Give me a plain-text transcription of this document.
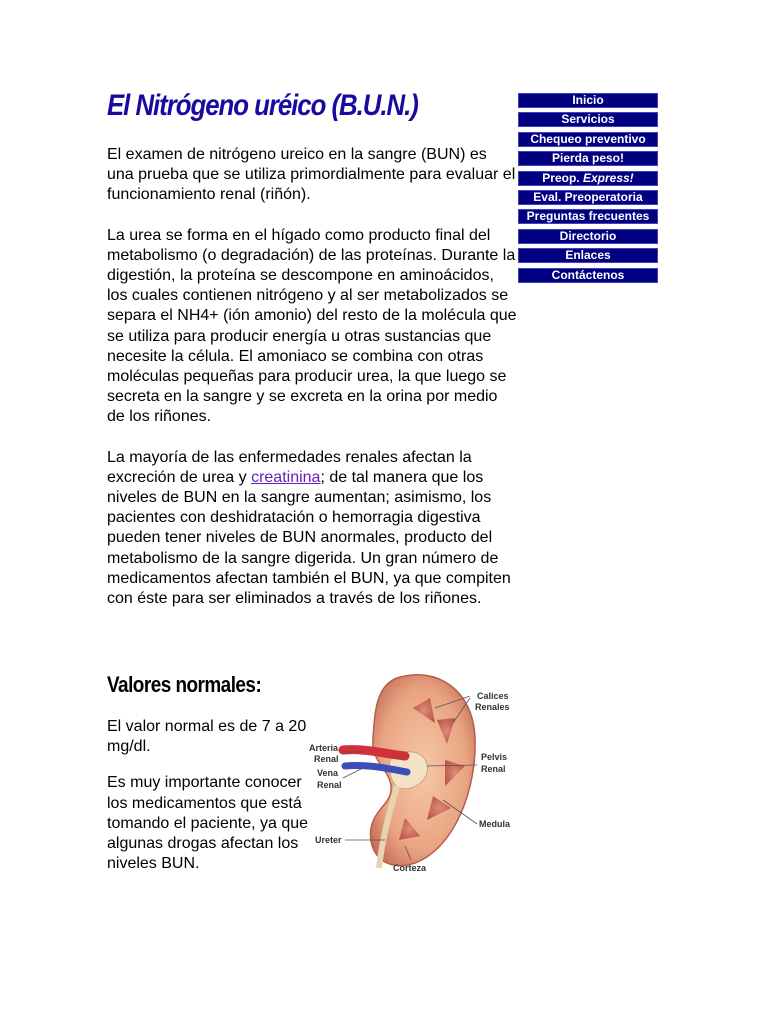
El Nitrógeno uréico (B.U.N.)	Inicio
Servicios
Chequeo preventivo
Pierda peso!
Preop. Express!
Eval. Preoperatoria
Preguntas frecuentes
Directorio
Enlaces
Contáctenos

El examen de nitrógeno ureico en la sangre (BUN) es una prueba que se utiliza primordialmente para evaluar el funcionamiento renal (riñón).

La urea se forma en el hígado como producto final del metabolismo (o degradación) de las proteínas. Durante la digestión, la proteína se descompone en aminoácidos, los cuales contienen nitrógeno y al ser metabolizados se separa el NH4+ (ión amonio) del resto de la molécula que se utiliza para producir energía u otras sustancias que necesite la célula. El amoniaco se combina con otras moléculas pequeñas para producir urea, la que luego se secreta en la sangre y se excreta en la orina por medio de los riñones.

La mayoría de las enfermedades renales afectan la excreción de urea y creatinina; de tal manera que los niveles de BUN en la sangre aumentan; asimismo, los pacientes con deshidratación o hemorragia digestiva pueden tener niveles de BUN anormales, producto del metabolismo de la sangre digerida. Un gran número de medicamentos afectan también el BUN, ya que compiten con éste para ser eliminados a través de los riñones.

Valores normales:

El valor normal es de 7 a 20 mg/dl.

Es muy importante conocer los medicamentos que está tomando el paciente, ya que algunas drogas afectan los niveles BUN.

Calices
Renales
Arteria
Renal
Vena
Renal
Pelvis
Renal
Ureter
Medula
Corteza
